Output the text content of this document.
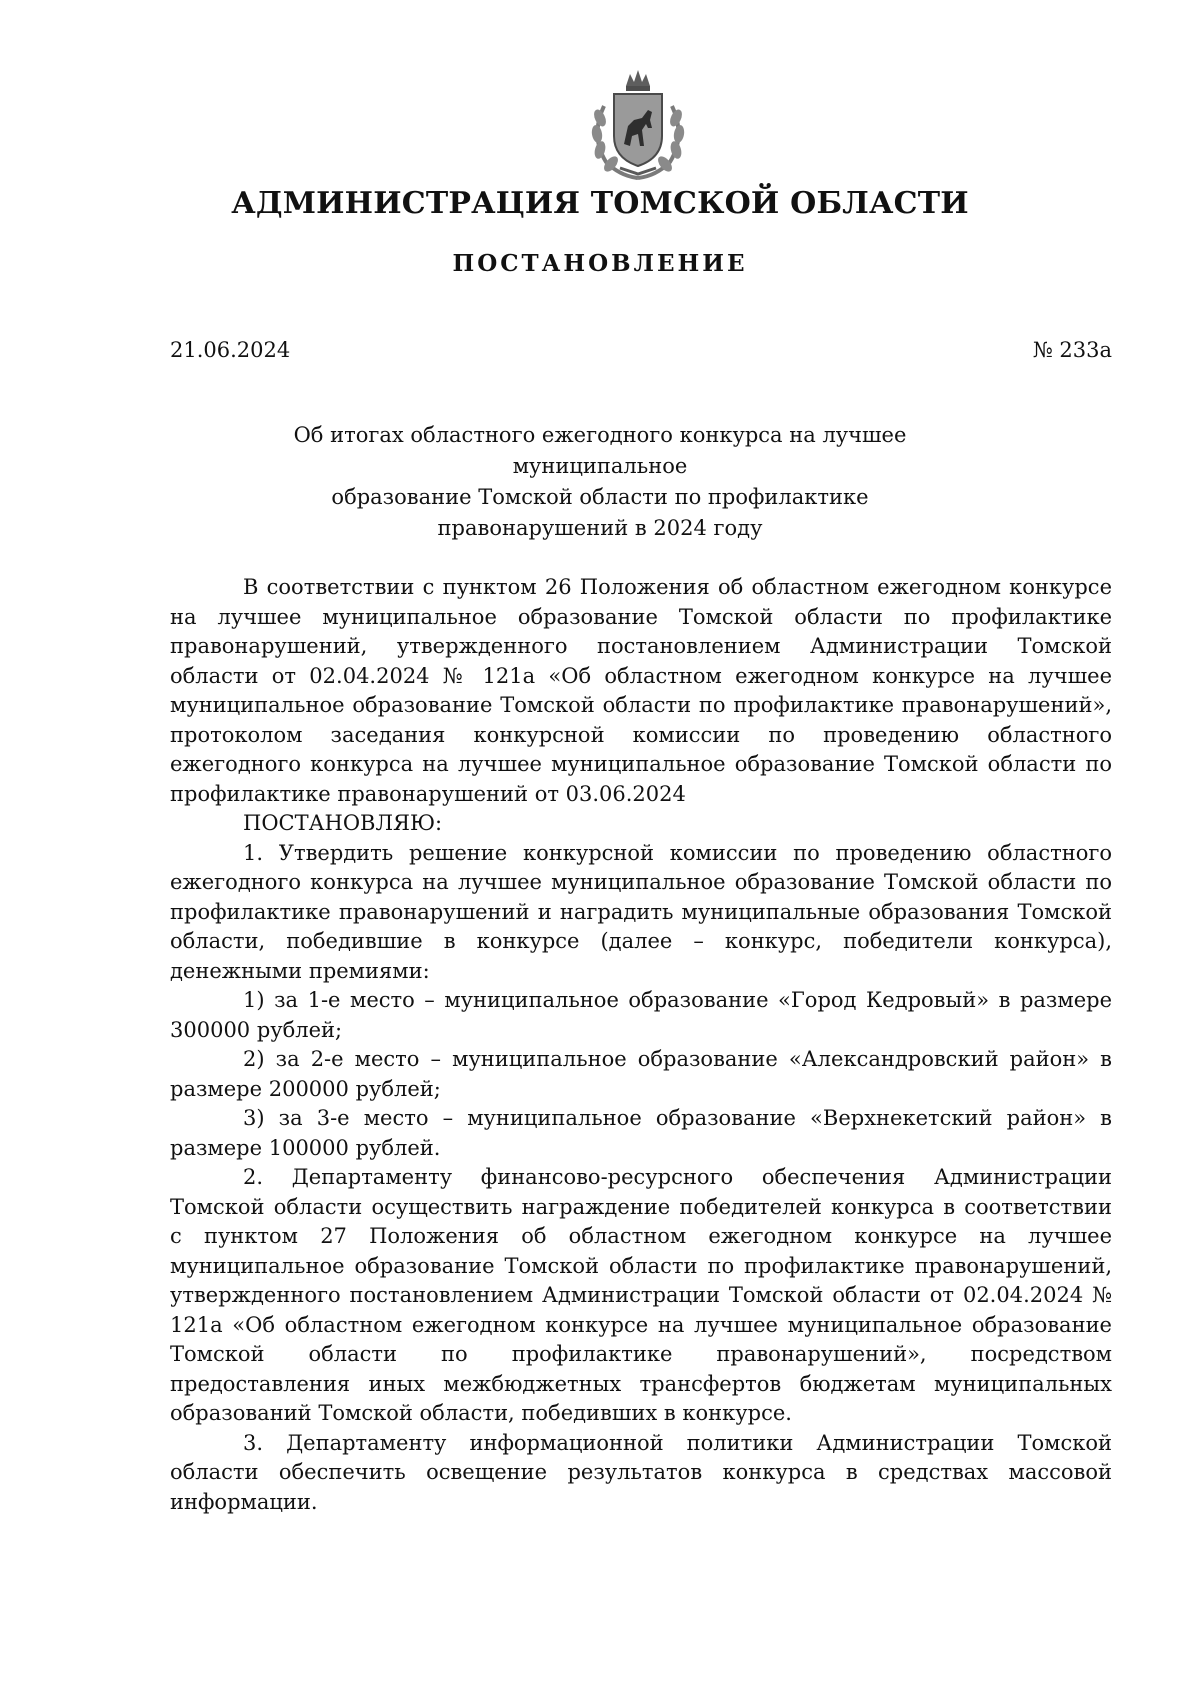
АДМИНИСТРАЦИЯ ТОМСКОЙ ОБЛАСТИ
ПОСТАНОВЛЕНИЕ
21.06.2024	№ 233а
Об итогах областного ежегодного конкурса на лучшее муниципальное
образование Томской области по профилактике
правонарушений в 2024 году

В соответствии с пунктом 26 Положения об областном ежегодном конкурсе на лучшее муниципальное образование Томской области по профилактике правонарушений, утвержденного постановлением Администрации Томской области от 02.04.2024 № 121а «Об областном ежегодном конкурсе на лучшее муниципальное образование Томской области по профилактике правонарушений», протоколом заседания конкурсной комиссии по проведению областного ежегодного конкурса на лучшее муниципальное образование Томской области по профилактике правонарушений от 03.06.2024

ПОСТАНОВЛЯЮ:

1. Утвердить решение конкурсной комиссии по проведению областного ежегодного конкурса на лучшее муниципальное образование Томской области по профилактике правонарушений и наградить муниципальные образования Томской области, победившие в конкурсе (далее – конкурс, победители конкурса), денежными премиями:

1) за 1-е место – муниципальное образование «Город Кедровый» в размере 300000 рублей;

2) за 2-е место – муниципальное образование «Александровский район» в размере 200000 рублей;

3) за 3-е место – муниципальное образование «Верхнекетский район» в размере 100000 рублей.

2. Департаменту финансово-ресурсного обеспечения Администрации Томской области осуществить награждение победителей конкурса в соответствии с пунктом 27 Положения об областном ежегодном конкурсе на лучшее муниципальное образование Томской области по профилактике правонарушений, утвержденного постановлением Администрации Томской области от 02.04.2024 № 121а «Об областном ежегодном конкурсе на лучшее муниципальное образование Томской области по профилактике правонарушений», посредством предоставления иных межбюджетных трансфертов бюджетам муниципальных образований Томской области, победивших в конкурсе.

3. Департаменту информационной политики Администрации Томской области обеспечить освещение результатов конкурса в средствах массовой информации.
